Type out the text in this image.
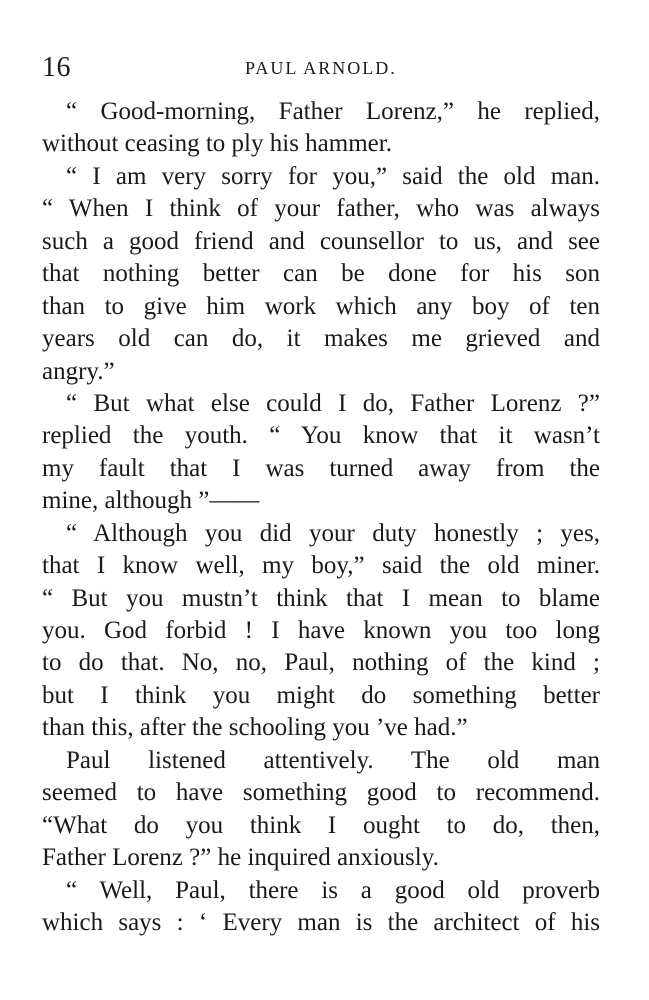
16	PAUL ARNOLD.
“ Good-morning, Father Lorenz,” he replied,
without ceasing to ply his hammer.
“ I am very sorry for you,” said the old man.
“ When I think of your father, who was always
such a good friend and counsellor to us, and see
that nothing better can be done for his son
than to give him work which any boy of ten
years old can do, it makes me grieved and
angry.”
“ But what else could I do, Father Lorenz ?”
replied the youth. “ You know that it wasn’t
my fault that I was turned away from the
mine, although ”——
“ Although you did your duty honestly ; yes,
that I know well, my boy,” said the old miner.
“ But you mustn’t think that I mean to blame
you. God forbid ! I have known you too long
to do that. No, no, Paul, nothing of the kind ;
but I think you might do something better
than this, after the schooling you ’ve had.”
Paul listened attentively. The old man
seemed to have something good to recommend.
“What do you think I ought to do, then,
Father Lorenz ?” he inquired anxiously.
“ Well, Paul, there is a good old proverb
which says : ‘ Every man is the architect of his
